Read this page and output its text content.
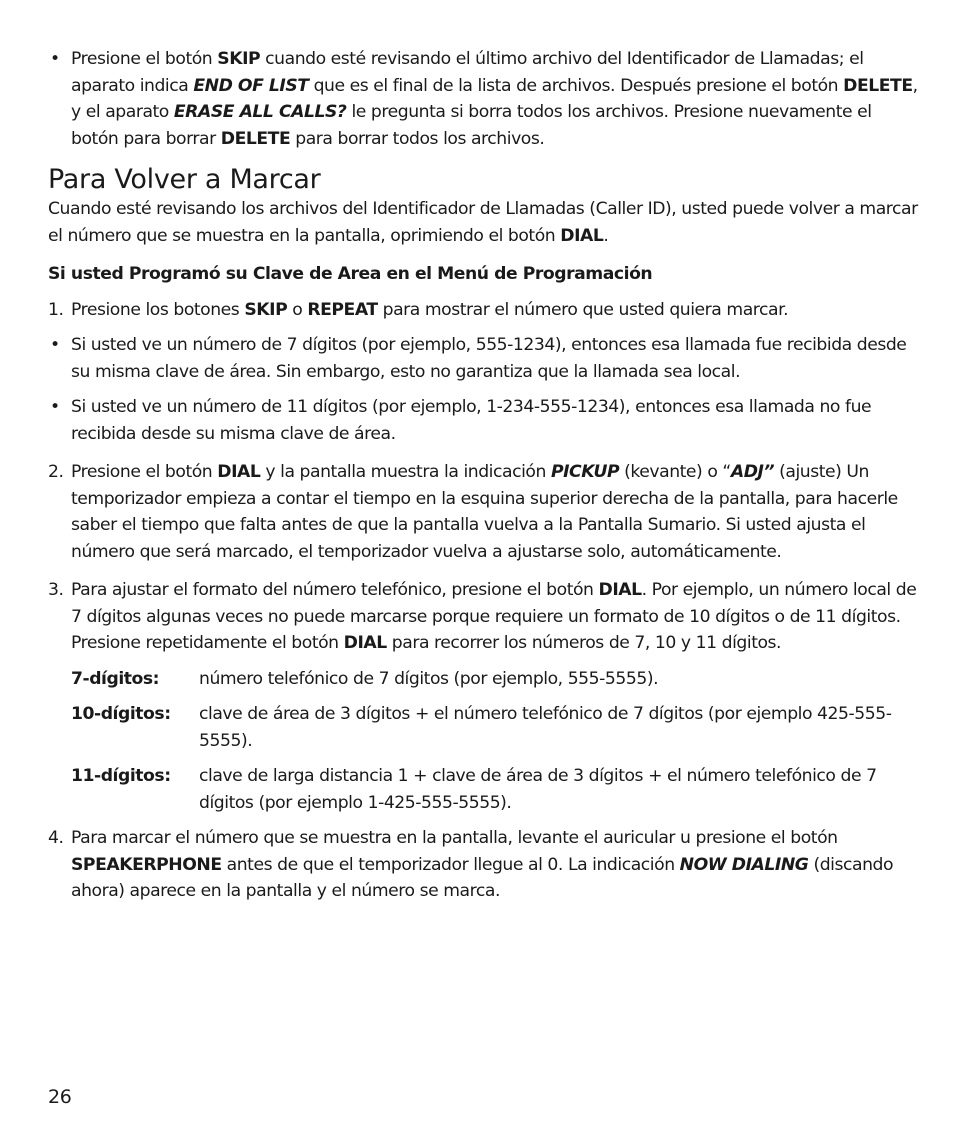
• Presione el botón SKIP cuando esté revisando el último archivo del Identificador de Llamadas; el aparato indica END OF LIST que es el final de la lista de archivos. Después presione el botón DELETE, y el aparato ERASE ALL CALLS? le pregunta si borra todos los archivos. Presione nuevamente el botón para borrar DELETE para borrar todos los archivos.

Para Volver a Marcar

Cuando esté revisando los archivos del Identificador de Llamadas (Caller ID), usted puede volver a marcar el número que se muestra en la pantalla, oprimiendo el botón DIAL.

Si usted Programó su Clave de Area en el Menú de Programación

1. Presione los botones SKIP o REPEAT para mostrar el número que usted quiera marcar.

• Si usted ve un número de 7 dígitos (por ejemplo, 555-1234), entonces esa llamada fue recibida desde su misma clave de área. Sin embargo, esto no garantiza que la llamada sea local.

• Si usted ve un número de 11 dígitos (por ejemplo, 1-234-555-1234), entonces esa llamada no fue recibida desde su misma clave de área.

2. Presione el botón DIAL y la pantalla muestra la indicación PICKUP (kevante) o “ADJ” (ajuste) Un temporizador empieza a contar el tiempo en la esquina superior derecha de la pantalla, para hacerle saber el tiempo que falta antes de que la pantalla vuelva a la Pantalla Sumario. Si usted ajusta el número que será marcado, el temporizador vuelva a ajustarse solo, automáticamente.

3. Para ajustar el formato del número telefónico, presione el botón DIAL. Por ejemplo, un número local de 7 dígitos algunas veces no puede marcarse porque requiere un formato de 10 dígitos o de 11 dígitos. Presione repetidamente el botón DIAL para recorrer los números de 7, 10 y 11 dígitos.

7-dígitos: número telefónico de 7 dígitos (por ejemplo, 555-5555).

10-dígitos: clave de área de 3 dígitos + el número telefónico de 7 dígitos (por ejemplo 425-555-5555).

11-dígitos: clave de larga distancia 1 + clave de área de 3 dígitos + el número telefónico de 7 dígitos (por ejemplo 1-425-555-5555).

4. Para marcar el número que se muestra en la pantalla, levante el auricular u presione el botón SPEAKERPHONE antes de que el temporizador llegue al 0. La indicación NOW DIALING (discando ahora) aparece en la pantalla y el número se marca.

26
